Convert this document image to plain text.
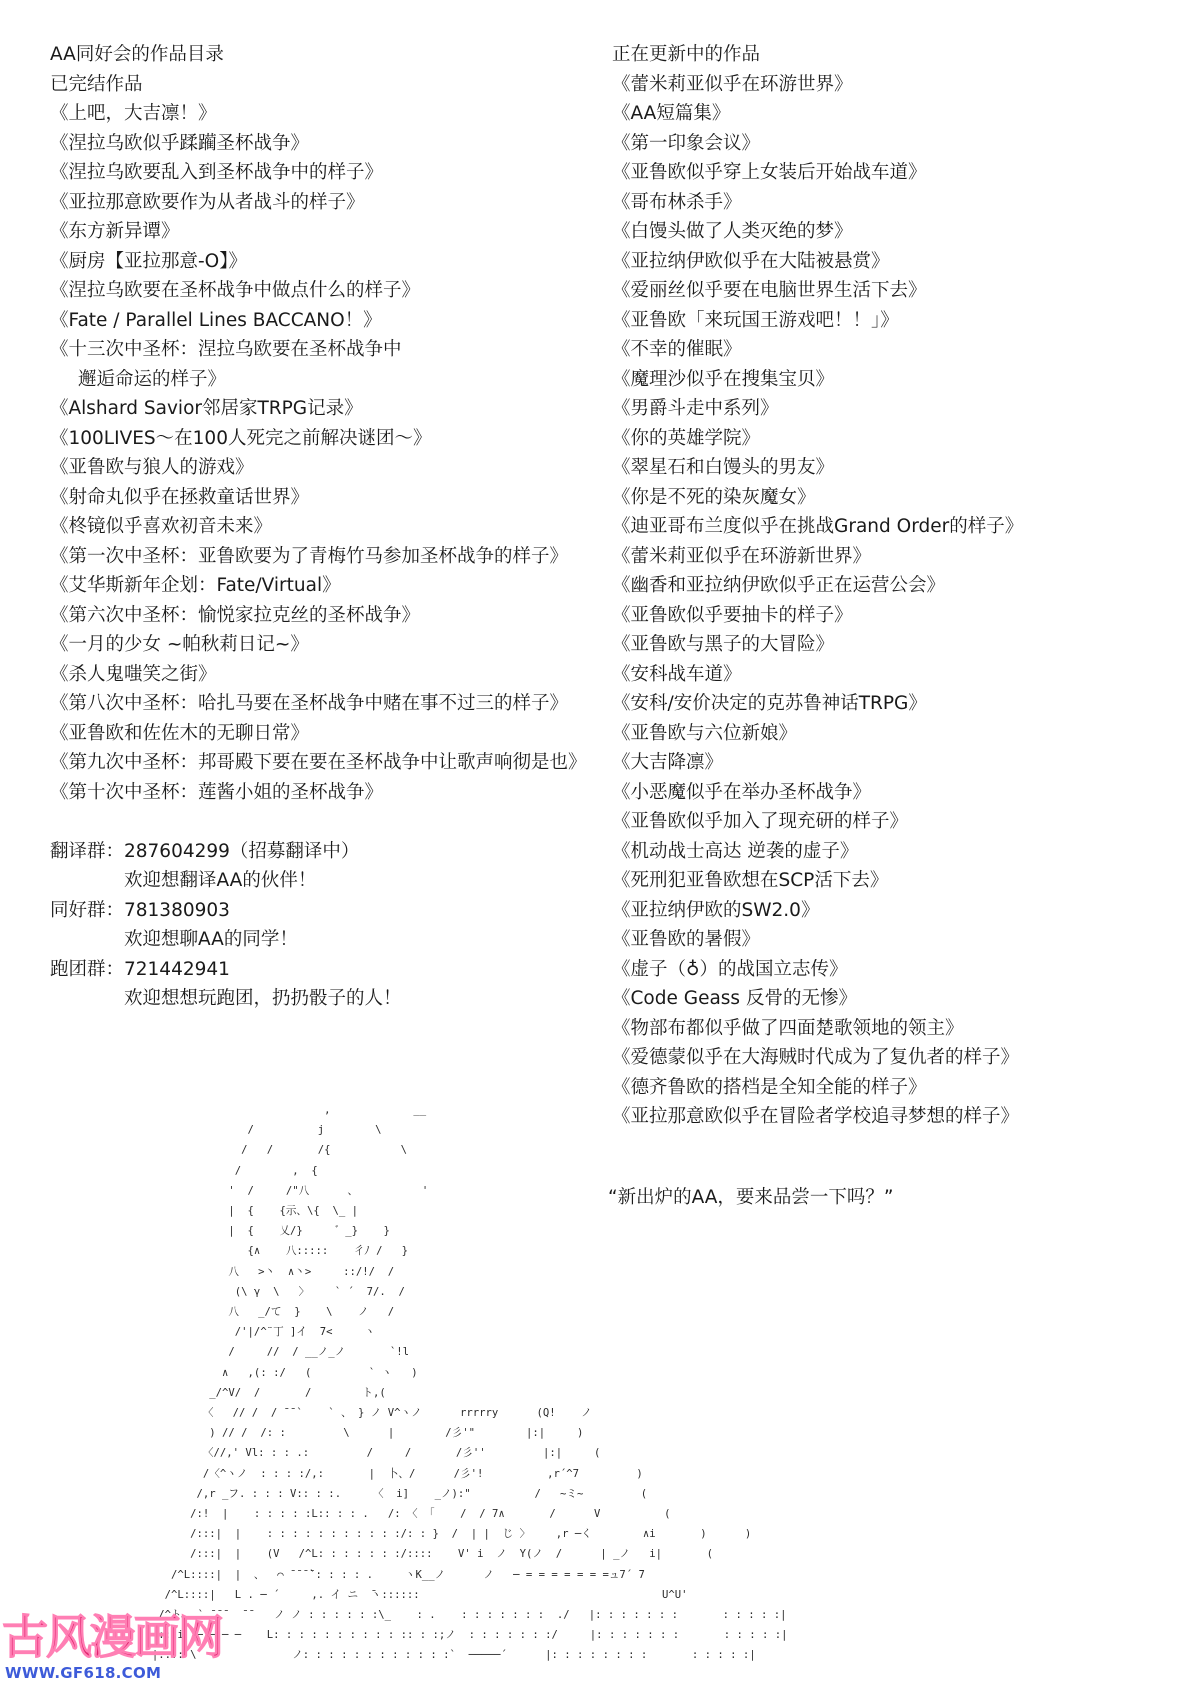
AA同好会的作品目录
已完结作品
《上吧，大吉凛！》
《涅拉乌欧似乎蹂躏圣杯战争》
《涅拉乌欧要乱入到圣杯战争中的样子》
《亚拉那意欧要作为从者战斗的样子》
《东方新异谭》
《厨房【亚拉那意-O】》
《涅拉乌欧要在圣杯战争中做点什么的样子》
《Fate / Parallel Lines BACCANO！》
《十三次中圣杯：涅拉乌欧要在圣杯战争中
邂逅命运的样子》
《Alshard Savior邻居家TRPG记录》
《100LIVES～在100人死完之前解决谜团～》
《亚鲁欧与狼人的游戏》
《射命丸似乎在拯救童话世界》
《柊镜似乎喜欢初音未来》
《第一次中圣杯：亚鲁欧要为了青梅竹马参加圣杯战争的样子》
《艾华斯新年企划：Fate/Virtual》
《第六次中圣杯：愉悦家拉克丝的圣杯战争》
《一月的少女 ~帕秋莉日记~》
《杀人鬼嗤笑之街》
《第八次中圣杯：哈扎马要在圣杯战争中赌在事不过三的样子》
《亚鲁欧和佐佐木的无聊日常》
《第九次中圣杯：邦哥殿下要在要在圣杯战争中让歌声响彻是也》
《第十次中圣杯：莲酱小姐的圣杯战争》
翻译群： 287604299（招募翻译中）
欢迎想翻译AA的伙伴！
同好群： 781380903
欢迎想聊AA的同学！
跑团群： 721442941
欢迎想想玩跑团，扔扔骰子的人！
正在更新中的作品
《蕾米莉亚似乎在环游世界》
《AA短篇集》
《第一印象会议》
《亚鲁欧似乎穿上女装后开始战车道》
《哥布林杀手》
《白馒头做了人类灭绝的梦》
《亚拉纳伊欧似乎在大陆被悬赏》
《爱丽丝似乎要在电脑世界生活下去》
《亚鲁欧「来玩国王游戏吧！！」》
《不幸的催眠》
《魔理沙似乎在搜集宝贝》
《男爵斗走中系列》
《你的英雄学院》
《翠星石和白馒头的男友》
《你是不死的染灰魔女》
《迪亚哥布兰度似乎在挑战Grand Order的样子》
《蕾米莉亚似乎在环游新世界》
《幽香和亚拉纳伊欧似乎正在运营公会》
《亚鲁欧似乎要抽卡的样子》
《亚鲁欧与黑子的大冒险》
《安科战车道》
《安科/安价决定的克苏鲁神话TRPG》
《亚鲁欧与六位新娘》
《大吉降凛》
《小恶魔似乎在举办圣杯战争》
《亚鲁欧似乎加入了现充研的样子》
《机动战士高达 逆袭的虚子》
《死刑犯亚鲁欧想在SCP活下去》
《亚拉纳伊欧的SW2.0》
《亚鲁欧的暑假》
《虚子（♁）的战国立志传》
《Code Geass 反骨的无惨》
《物部布都似乎做了四面楚歌领地的领主》
《爱德蒙似乎在大海贼时代成为了复仇者的样子》
《德齐鲁欧的搭档是全知全能的样子》
《亚拉那意欧似乎在冒险者学校追寻梦想的样子》
“新出炉的AA，要来品尝一下吗？”
,             __
/          j        \
/   /       /{           \
/        ,  {
'  /     /"八      、          '
|  {    {示、\{  \_ |
|  {    乂/}     ゛_}    }
{∧    八:::::    彳ﾉ /   }
八   >丶  ∧丶>     ::/!/  /
(\ γ  \   〉    ` ´  7/.  /
八   _/て  }    \    ノ   /
/'|/^¨丁 ]イ  ̄7<     ヽ
/     //  / __ノ_ノ       `!l
∧   ,(: :/   (         ` ヽ   )
_/^V/  /       /        ト,(
〈   // /  / ̄ ̄ `    ` 、 } ノ V^ヽノ      rrrrry      (Q!    ノ
) // /  /: :         \      |        /彡'"        |:|     )
〈//,' Vl: : : .:         /     /       /彡''         |:|     (
/〈^ヽノ  : : : :/,:       |  卜、/      /彡'!          ,r´^7         )
/,r _フ. : : : V:: : :.     〈  i]    _ノ):"          /   ~ミ~         (
/:!  |    : : : : :L:: : : .   /: 〈 「    /  / 7∧       /      V          (
/:::|  |    : : : : : : : : : : :/: : }  /  | |  じ 〉    ,r ─く        ∧i       )      )
/:::|  |    (V   /^L: : : : : : :/::::    V' i  ノ  Y(ノ  /      | _ノ   i|       (
/^L::::|  |  、  ⌒ ̄ ̄ ̄ ̄`: : : : .     ヽK__ノ      ノ   ─ = = = = = = =ュ7´ ̄7
/^L::::|   L . ─ ´     ,. イ ニ  ̄ヽ::::::                                      U^U'
/^ト、 ` ̄ ̄ ̄   ̄ ̄    ノ ノ : : : : : :\_    : .    : : : : : : :  ./   |: : : : : : :       : : : : :|
|:::i  ─ ─ ─ ─    L: : : : : : : : : : :: : :;ノ  : : : : : : :/     |: : : : : : :       : : : : :|
|:::: \               ノ: : : : : : : : : : : :`  ─────´      |: : : : : : : :       : : : : :|
古风漫画网
WWW.GF618.COM
